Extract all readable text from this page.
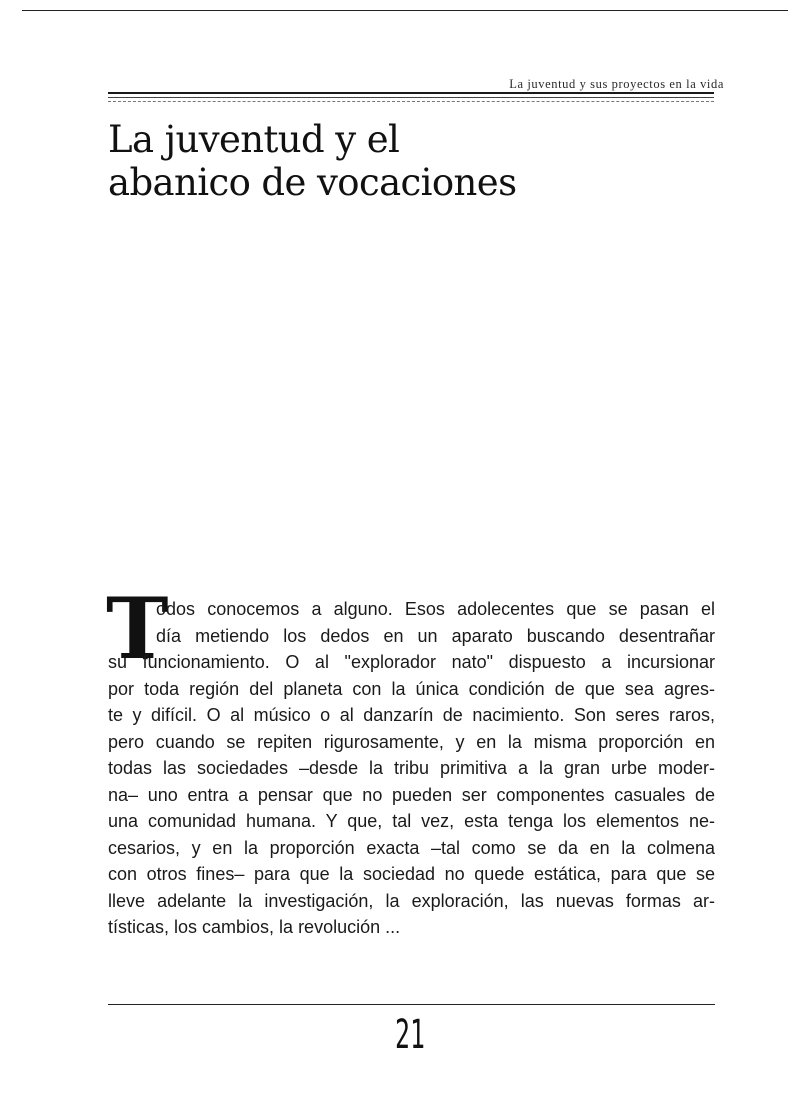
La juventud y sus proyectos en la vida
La juventud y el
abanico de vocaciones
T
odos conocemos a alguno. Esos adolecentes que se pasan el
día metiendo los dedos en un aparato buscando desentrañar
su funcionamiento. O al "explorador nato" dispuesto a incursionar
por toda región del planeta con la única condición de que sea agres-
te y difícil. O al músico o al danzarín de nacimiento. Son seres raros,
pero cuando se repiten rigurosamente, y en la misma proporción en
todas las sociedades –desde la tribu primitiva a la gran urbe moder-
na– uno entra a pensar que no pueden ser componentes casuales de
una comunidad humana. Y que, tal vez, esta tenga los elementos ne-
cesarios, y en la proporción exacta –tal como se da en la colmena
con otros fines– para que la sociedad no quede estática, para que se
lleve adelante la investigación, la exploración, las nuevas formas ar-
tísticas, los cambios, la revolución ...
21
